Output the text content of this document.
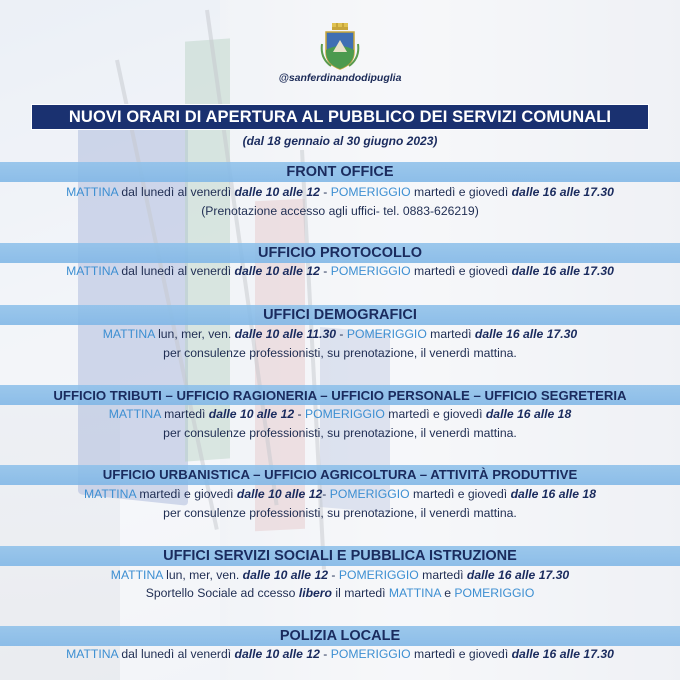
@sanferdinandodipuglia
NUOVI ORARI DI APERTURA AL PUBBLICO DEI SERVIZI COMUNALI
(dal 18 gennaio al 30 giugno 2023)
FRONT OFFICE
MATTINA dal lunedì al venerdì dalle 10 alle 12 - POMERIGGIO martedì e giovedì dalle 16 alle 17.30
(Prenotazione accesso agli uffici- tel. 0883-626219)
UFFICIO PROTOCOLLO
MATTINA dal lunedì al venerdì dalle 10 alle 12 - POMERIGGIO martedì e giovedì dalle 16 alle 17.30
UFFICI DEMOGRAFICI
MATTINA lun, mer, ven. dalle 10 alle 11.30 - POMERIGGIO martedì dalle 16 alle 17.30
per consulenze professionisti, su prenotazione, il venerdì mattina.
UFFICIO TRIBUTI – UFFICIO RAGIONERIA – UFFICIO PERSONALE – UFFICIO SEGRETERIA
MATTINA martedì dalle 10 alle 12 - POMERIGGIO martedì e giovedì dalle 16 alle 18
per consulenze professionisti, su prenotazione, il venerdì mattina.
UFFICIO URBANISTICA – UFFICIO AGRICOLTURA – ATTIVITÀ PRODUTTIVE
MATTINA martedì e giovedì dalle 10 alle 12- POMERIGGIO martedì e giovedì dalle 16 alle 18
per consulenze professionisti, su prenotazione, il venerdì mattina.
UFFICI SERVIZI SOCIALI E PUBBLICA ISTRUZIONE
MATTINA lun, mer, ven. dalle 10 alle 12 - POMERIGGIO martedì dalle 16 alle 17.30
Sportello Sociale ad ccesso libero il martedì MATTINA e POMERIGGIO
POLIZIA LOCALE
MATTINA dal lunedì al venerdì dalle 10 alle 12 - POMERIGGIO martedì e giovedì dalle 16 alle 17.30
